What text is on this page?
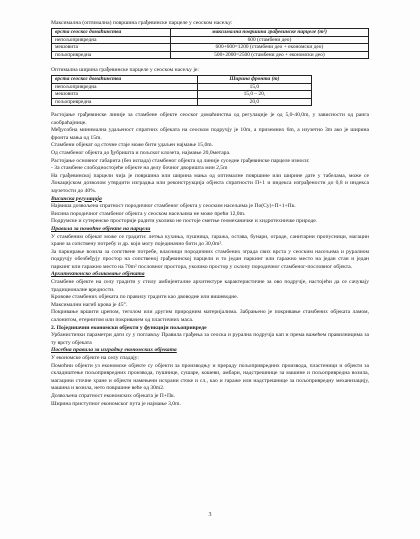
Максимална (оптимална) површина грађевинске парцеле у сеоском насељу:

врста сеоског домаћинства	максимална површина грађевинске парцеле (m²)
непољопривредна	600 (стамбени део)
мешовита	600+600=1200 (стамбени део + економски део)
пољопривредна	500+2000=2500 (стамбени део + економски део)

Оптимална ширина грађевинске парцеле у сеоском насељу је:

врста сеоског домаћинства	Ширина фронта (m)
непољопривредна	15,0
мешовита	15,0 – 20,
пољопривредна	20,0

Растојање грађевинске линије за стамбене објекте сеоског домаћинства од регулације је од 5,0-40,0m, у зависности од ранга саобраћајнице.

Међусобна минимална удаљеност спратних објеката на сеоском подручју је 10m, а приземних 6m, а изузетно 3m ако је ширина фронта мања од 15m.

Стамбени објекат од сточне стаје може бити удаљен најмање 15,0m.

Од стамбеног објекта до ђубришта и пољског клозета, најмање 20,0метара.

Растојање основног габарита (без испада) стамбеног објекта од линије суседне грађевинске парцеле износи:

- За стамбене слободностојеће објекте на делу бочног дворишта мин 2,5m

На грађевинској парцели чија је површина или ширина мања од оптималне површине или ширине дате у табелама, може се Локацијском дозволом утврдити изградња или реконструкција објекта спратности П+1 и индекса изграђености до 0,8 и индекса заузетости до 40%.

Висинска регулација

Највиша дозвољена спратност породичног стамбеног објекта у сеоским насељима је По(Су)+П+1+Пк.

Висина породичног стамбеног објекта у сеоском насељима не може прећи 12,0m.

Подрумске и сутеренске просторије радити уколико не постоје сметње геомеханичке и хидротехничке природе.

Правила за помоћне објекте на парцели

У стамбеним објекат може се градити: летња кухиња, пушница, гаража, остава, бунари, ограде, санитарни пропусници, магацин хране за сопствену потребу и др. који могу појединачно бити до 30,0m².

За паркирање возила за сопствене потребе, власници породичних стамбених зграда свих врста у сеоским насељима и руралном подручју обезбеђују простор на сопственој грађевинској парцели и то један паркинг или гаражно место на један стан и један паркинг или гаражно место на 70m² пословног простора, уколико простор у склопу породичног стамбеног-пословног објекта.

Архитектонско обликовање објеката

Стамбене објекте на селу градити у стилу амбијенталне архитектуре карактеристичне за ово подручје, настојећи да се сачувају традиционалне вредности.

Кровове стамбених објеката по правилу градити као двоводне или вишеводне.

Максимални нагиб крова је 45°.

Покривање вршити црепом, теголом или другим природним материјалима. Забрањено је покривање стамбених објеката ламом, салонитом, етернитом или покривачем од пластичних маса.

2. Појединачни економски објекти у функцији пољопривреде

Урбанистички параметри дати су у поглављу Правила грађења за сеоска и рурална подручја кап и према важећем правилницима за ту врсту објеката

Посебна правила за изградњу економских објеката

У економске објекте на селу спадају:

Помоћни објекти уз економске објекте су објекти за производњу и прераду пољопривредних производа, пластеници и објекти за складиштење пољопривредних производа, пушнице, сушаре, кошеви, амбари, надстрешнице за машине и пољопривредна возила, магацини сточне хране и објекти намењени исхрани стоке и сл., као и гараже или надстрешнице за пољопривредну механизацију, машина и возила, нето површине веће од 30m2.

Дозвољена спратност економских објеката је П+Пк.

Ширина приступног економског пута је најмање 3,0m.

3
